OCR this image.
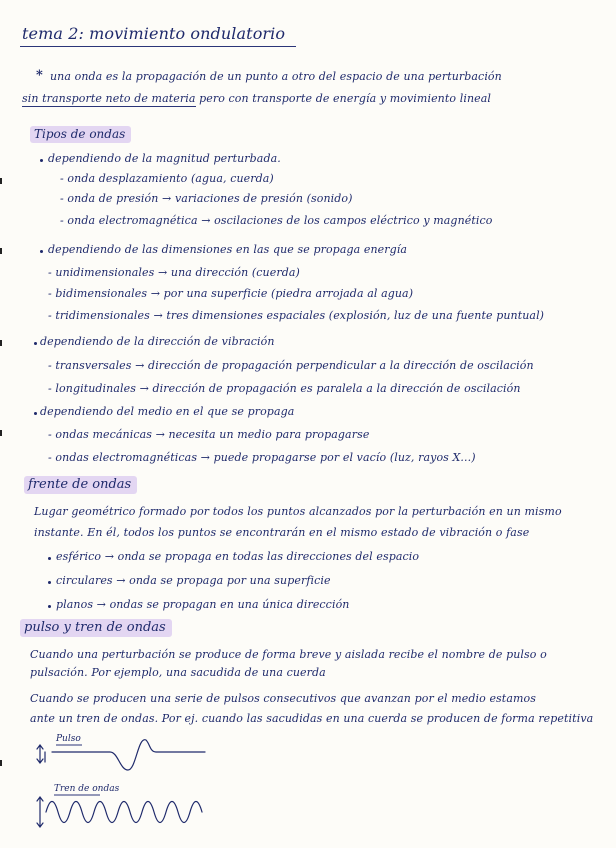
tema 2: movimiento ondulatorio
* una onda es la propagación de un punto a otro del espacio de una perturbación
sin transporte neto de materia pero con transporte de energía y movimiento lineal
Tipos de ondas
dependiendo de la magnitud perturbada.
- onda desplazamiento (agua, cuerda)
- onda de presión → variaciones de presión (sonido)
- onda electromagnética → oscilaciones de los campos eléctrico y magnético
dependiendo de las dimensiones en las que se propaga energía
- unidimensionales → una dirección (cuerda)
- bidimensionales → por una superficie (piedra arrojada al agua)
- tridimensionales → tres dimensiones espaciales (explosión, luz de una fuente puntual)
dependiendo de la dirección de vibración
- transversales → dirección de propagación perpendicular a la dirección de oscilación
- longitudinales → dirección de propagación es paralela a la dirección de oscilación
dependiendo del medio en el que se propaga
- ondas mecánicas → necesita un medio para propagarse
- ondas electromagnéticas → puede propagarse por el vacío (luz, rayos X...)
frente de ondas
Lugar geométrico formado por todos los puntos alcanzados por la perturbación en un mismo
instante. En él, todos los puntos se encontrarán en el mismo estado de vibración o fase
esférico → onda se propaga en todas las direcciones del espacio
circulares → onda se propaga por una superficie
planos → ondas se propagan en una única dirección
pulso y tren de ondas
Cuando una perturbación se produce de forma breve y aislada recibe el nombre de pulso o
pulsación. Por ejemplo, una sacudida de una cuerda
Cuando se producen una serie de pulsos consecutivos que avanzan por el medio estamos
ante un tren de ondas. Por ej. cuando las sacudidas en una cuerda se producen de forma repetitiva
Pulso
Tren de ondas
